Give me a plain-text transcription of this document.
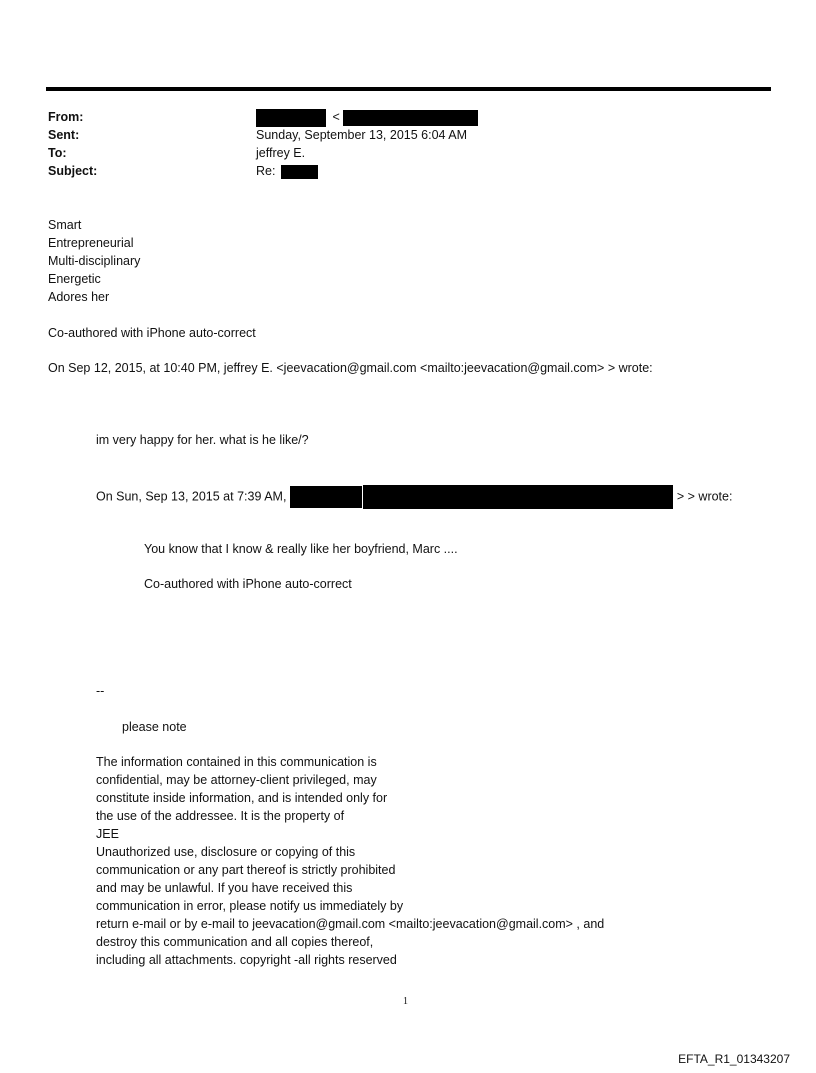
From:	<
Sent:	Sunday, September 13, 2015 6:04 AM
To:	jeffrey E.
Subject:	Re:
Smart
Entrepreneurial
Multi-disciplinary
Energetic
Adores her
Co-authored with iPhone auto-correct
On Sep 12, 2015, at 10:40 PM, jeffrey E. <jeevacation@gmail.com <mailto:jeevacation@gmail.com> > wrote:
im very happy for her. what is he like/?
On Sun, Sep 13, 2015 at 7:39 AM,	> > wrote:
You know that I know & really like her boyfriend, Marc ....
Co-authored with iPhone auto-correct
--
please note
The information contained in this communication is
confidential, may be attorney-client privileged, may
constitute inside information, and is intended only for
the use of the addressee. It is the property of
JEE
Unauthorized use, disclosure or copying of this
communication or any part thereof is strictly prohibited
and may be unlawful. If you have received this
communication in error, please notify us immediately by
return e-mail or by e-mail to jeevacation@gmail.com <mailto:jeevacation@gmail.com> , and
destroy this communication and all copies thereof,
including all attachments. copyright -all rights reserved
1
EFTA_R1_01343207
